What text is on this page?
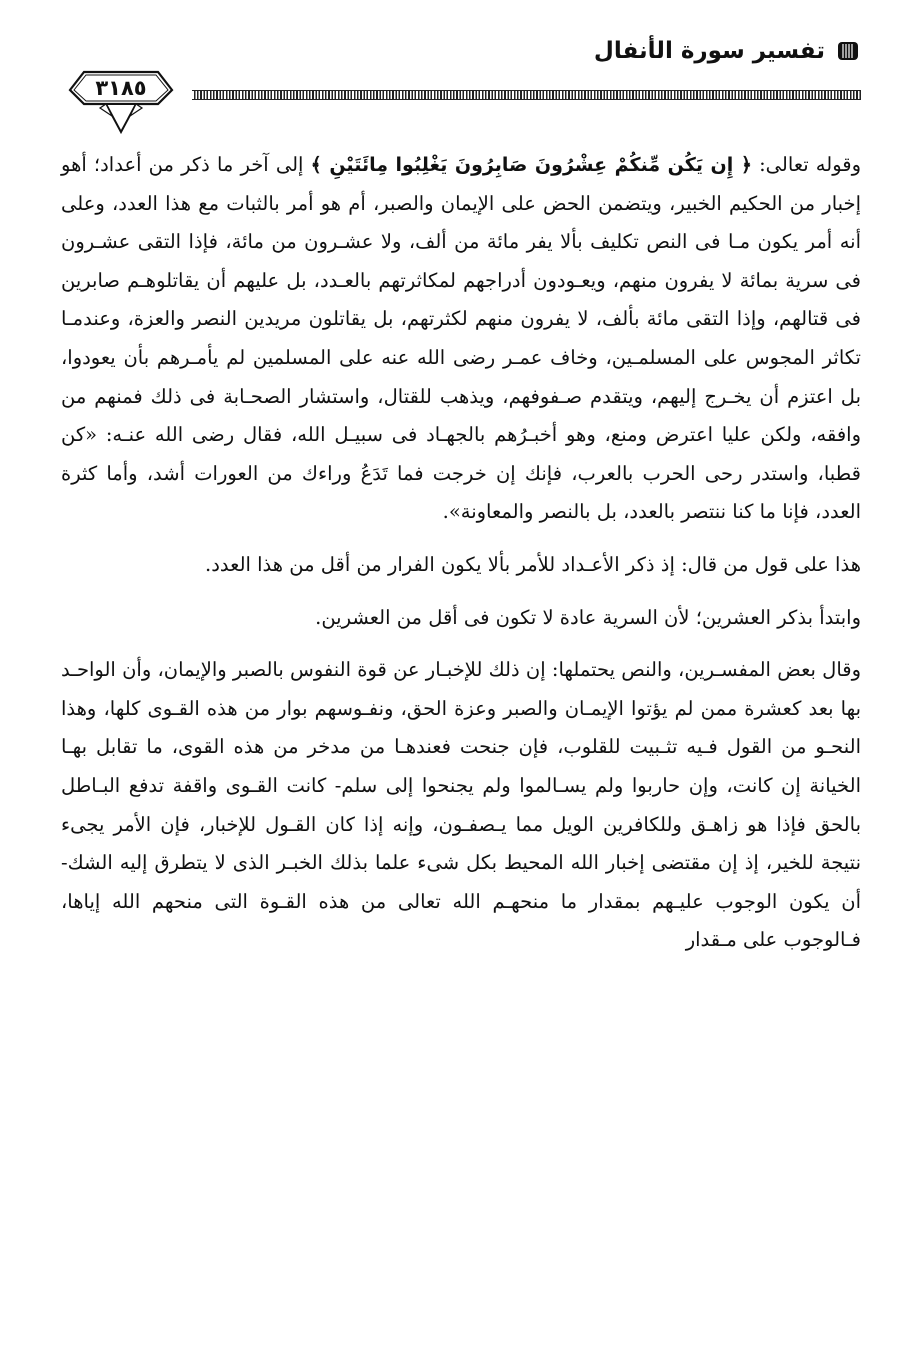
تفسير سورة الأنفال
٣١٨٥

وقوله تعالى: ﴿ إِن يَكُن مِّنكُمْ عِشْرُونَ صَابِرُونَ يَغْلِبُوا مِائَتَيْنِ ﴾ إلى آخر ما ذكر من أعداد؛ أهو إخبار من الحكيم الخبير، ويتضمن الحض على الإيمان والصبر، أم هو أمر بالثبات مع هذا العدد، وعلى أنه أمر يكون مـا فى النص تكليف بألا يفر مائة من ألف، ولا عشـرون من مائة، فإذا التقى عشـرون فى سرية بمائة لا يفرون منهم، ويعـودون أدراجهم لمكاثرتهم بالعـدد، بل عليهم أن يقاتلوهـم صابرين فى قتالهم، وإذا التقى مائة بألف، لا يفرون منهم لكثرتهم، بل يقاتلون مريدين النصر والعزة، وعندمـا تكاثر المجوس على المسلمـين، وخاف عمـر رضى الله عنه على المسلمين لم يأمـرهم بأن يعودوا، بل اعتزم أن يخـرج إليهم، ويتقدم صـفوفهم، ويذهب للقتال، واستشار الصحـابة فى ذلك فمنهم من وافقه، ولكن عليا اعترض ومنع، وهو أخبـرُهم بالجهـاد فى سبيـل الله، فقال رضى الله عنـه: «كن قطبا، واستدر رحى الحرب بالعرب، فإنك إن خرجت فما تَدَعُ وراءك من العورات أشد، وأما كثرة العدد، فإنا ما كنا ننتصر بالعدد، بل بالنصر والمعاونة».

هذا على قول من قال: إذ ذكر الأعـداد للأمر بألا يكون الفرار من أقل من هذا العدد.

وابتدأ بذكر العشرين؛ لأن السرية عادة لا تكون فى أقل من العشرين.

وقال بعض المفسـرين، والنص يحتملها: إن ذلك للإخبـار عن قوة النفوس بالصبر والإيمان، وأن الواحـد بها بعد كعشرة ممن لم يؤتوا الإيمـان والصبر وعزة الحق، ونفـوسهم بوار من هذه القـوى كلها، وهذا النحـو من القول فـيه تثـبيت للقلوب، فإن جنحت فعندهـا من مدخر من هذه القوى، ما تقابل بهـا الخيانة إن كانت، وإن حاربوا ولم يسـالموا ولم يجنحوا إلى سلم- كانت القـوى واقفة تدفع البـاطل بالحق فإذا هو زاهـق وللكافرين الويل مما يـصفـون، وإنه إذا كان القـول للإخبار، فإن الأمر يجىء نتيجة للخير، إذ إن مقتضى إخبار الله المحيط بكل شىء علما بذلك الخبـر الذى لا يتطرق إليه الشك- أن يكون الوجوب عليـهم بمقدار ما منحهـم الله تعالى من هذه القـوة التى منحهم الله إياها، فـالوجوب على مـقدار
